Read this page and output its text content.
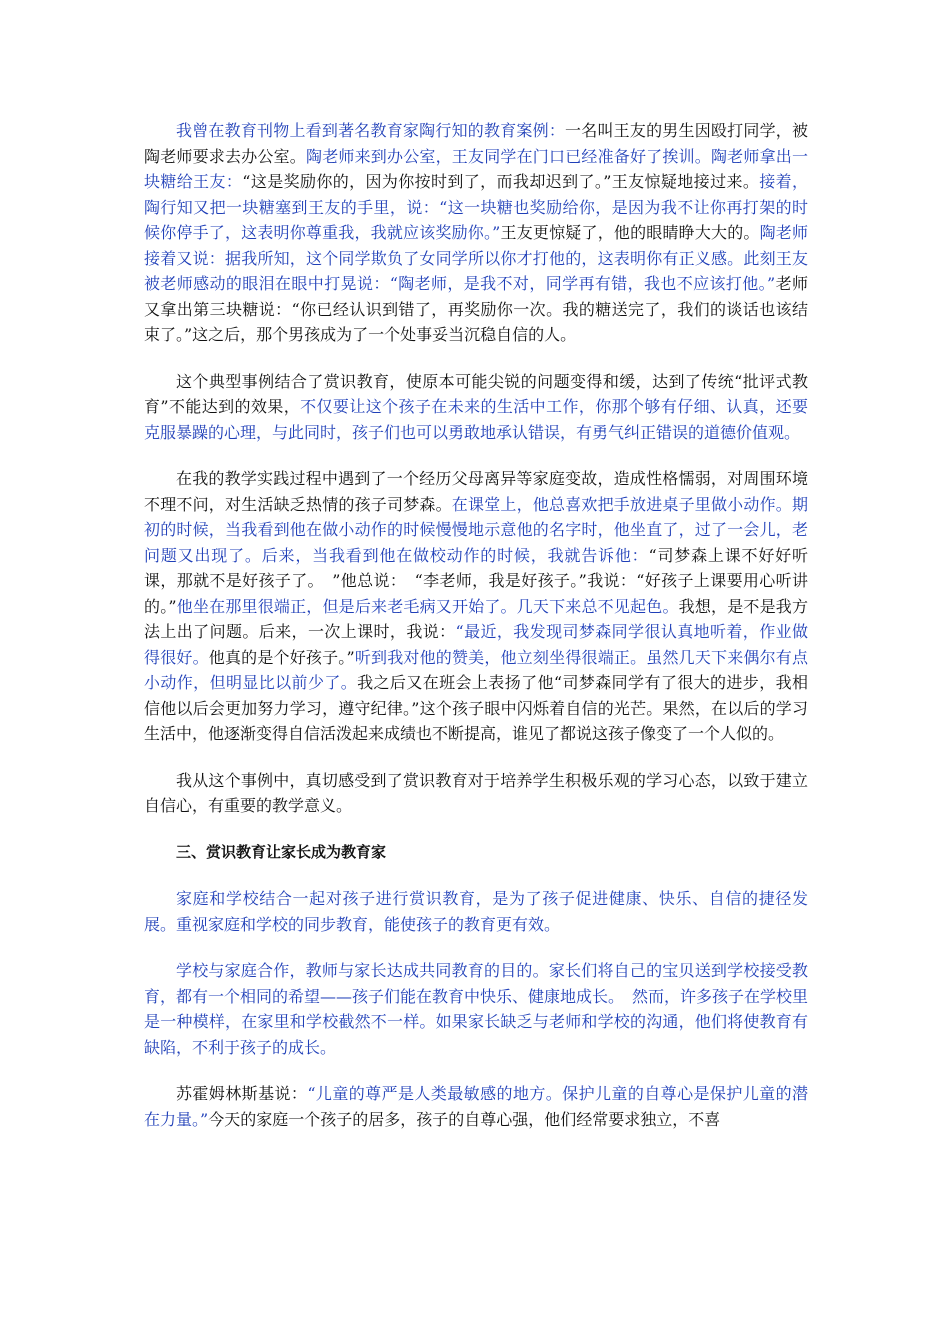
我曾在教育刊物上看到著名教育家陶行知的教育案例：一名叫王友的男生因殴打同学，被陶老师要求去办公室。陶老师来到办公室，王友同学在门口已经准备好了挨训。陶老师拿出一块糖给王友：“这是奖励你的，因为你按时到了，而我却迟到了。”王友惊疑地接过来。接着，陶行知又把一块糖塞到王友的手里，说：“这一块糖也奖励给你，是因为我不让你再打架的时候你停手了，这表明你尊重我，我就应该奖励你。”王友更惊疑了，他的眼睛睁大大的。陶老师接着又说：据我所知，这个同学欺负了女同学所以你才打他的，这表明你有正义感。此刻王友被老师感动的眼泪在眼中打晃说：“陶老师，是我不对，同学再有错，我也不应该打他。”老师又拿出第三块糖说：“你已经认识到错了，再奖励你一次。我的糖送完了，我们的谈话也该结束了。”这之后，那个男孩成为了一个处事妥当沉稳自信的人。

这个典型事例结合了赏识教育，使原本可能尖锐的问题变得和缓，达到了传统“批评式教育”不能达到的效果，不仅要让这个孩子在未来的生活中工作，你那个够有仔细、认真，还要克服暴躁的心理，与此同时，孩子们也可以勇敢地承认错误，有勇气纠正错误的道德价值观。

在我的教学实践过程中遇到了一个经历父母离异等家庭变故，造成性格懦弱，对周围环境不理不问，对生活缺乏热情的孩子司梦森。在课堂上，他总喜欢把手放进桌子里做小动作。期初的时候，当我看到他在做小动作的时候慢慢地示意他的名字时，他坐直了，过了一会儿，老问题又出现了。后来，当我看到他在做校动作的时候，我就告诉他：“司梦森上课不好好听课，那就不是好孩子了。　”他总说：　“李老师，我是好孩子。”我说：“好孩子上课要用心听讲的。”他坐在那里很端正，但是后来老毛病又开始了。几天下来总不见起色。我想，是不是我方法上出了问题。后来，一次上课时，我说：“最近，我发现司梦森同学很认真地听着，作业做得很好。他真的是个好孩子。”听到我对他的赞美，他立刻坐得很端正。虽然几天下来偶尔有点小动作，但明显比以前少了。我之后又在班会上表扬了他“司梦森同学有了很大的进步，我相信他以后会更加努力学习，遵守纪律。”这个孩子眼中闪烁着自信的光芒。果然，在以后的学习生活中，他逐渐变得自信活泼起来成绩也不断提高，谁见了都说这孩子像变了一个人似的。

我从这个事例中，真切感受到了赏识教育对于培养学生积极乐观的学习心态，以致于建立自信心，有重要的教学意义。

三、赏识教育让家长成为教育家

家庭和学校结合一起对孩子进行赏识教育，是为了孩子促进健康、快乐、自信的捷径发展。重视家庭和学校的同步教育，能使孩子的教育更有效。

学校与家庭合作，教师与家长达成共同教育的目的。家长们将自己的宝贝送到学校接受教育，都有一个相同的希望——孩子们能在教育中快乐、健康地成长。　然而，许多孩子在学校里是一种模样，在家里和学校截然不一样。如果家长缺乏与老师和学校的沟通，他们将使教育有缺陷，不利于孩子的成长。

苏霍姆林斯基说：“儿童的尊严是人类最敏感的地方。保护儿童的自尊心是保护儿童的潜在力量。”今天的家庭一个孩子的居多，孩子的自尊心强，他们经常要求独立，不喜
